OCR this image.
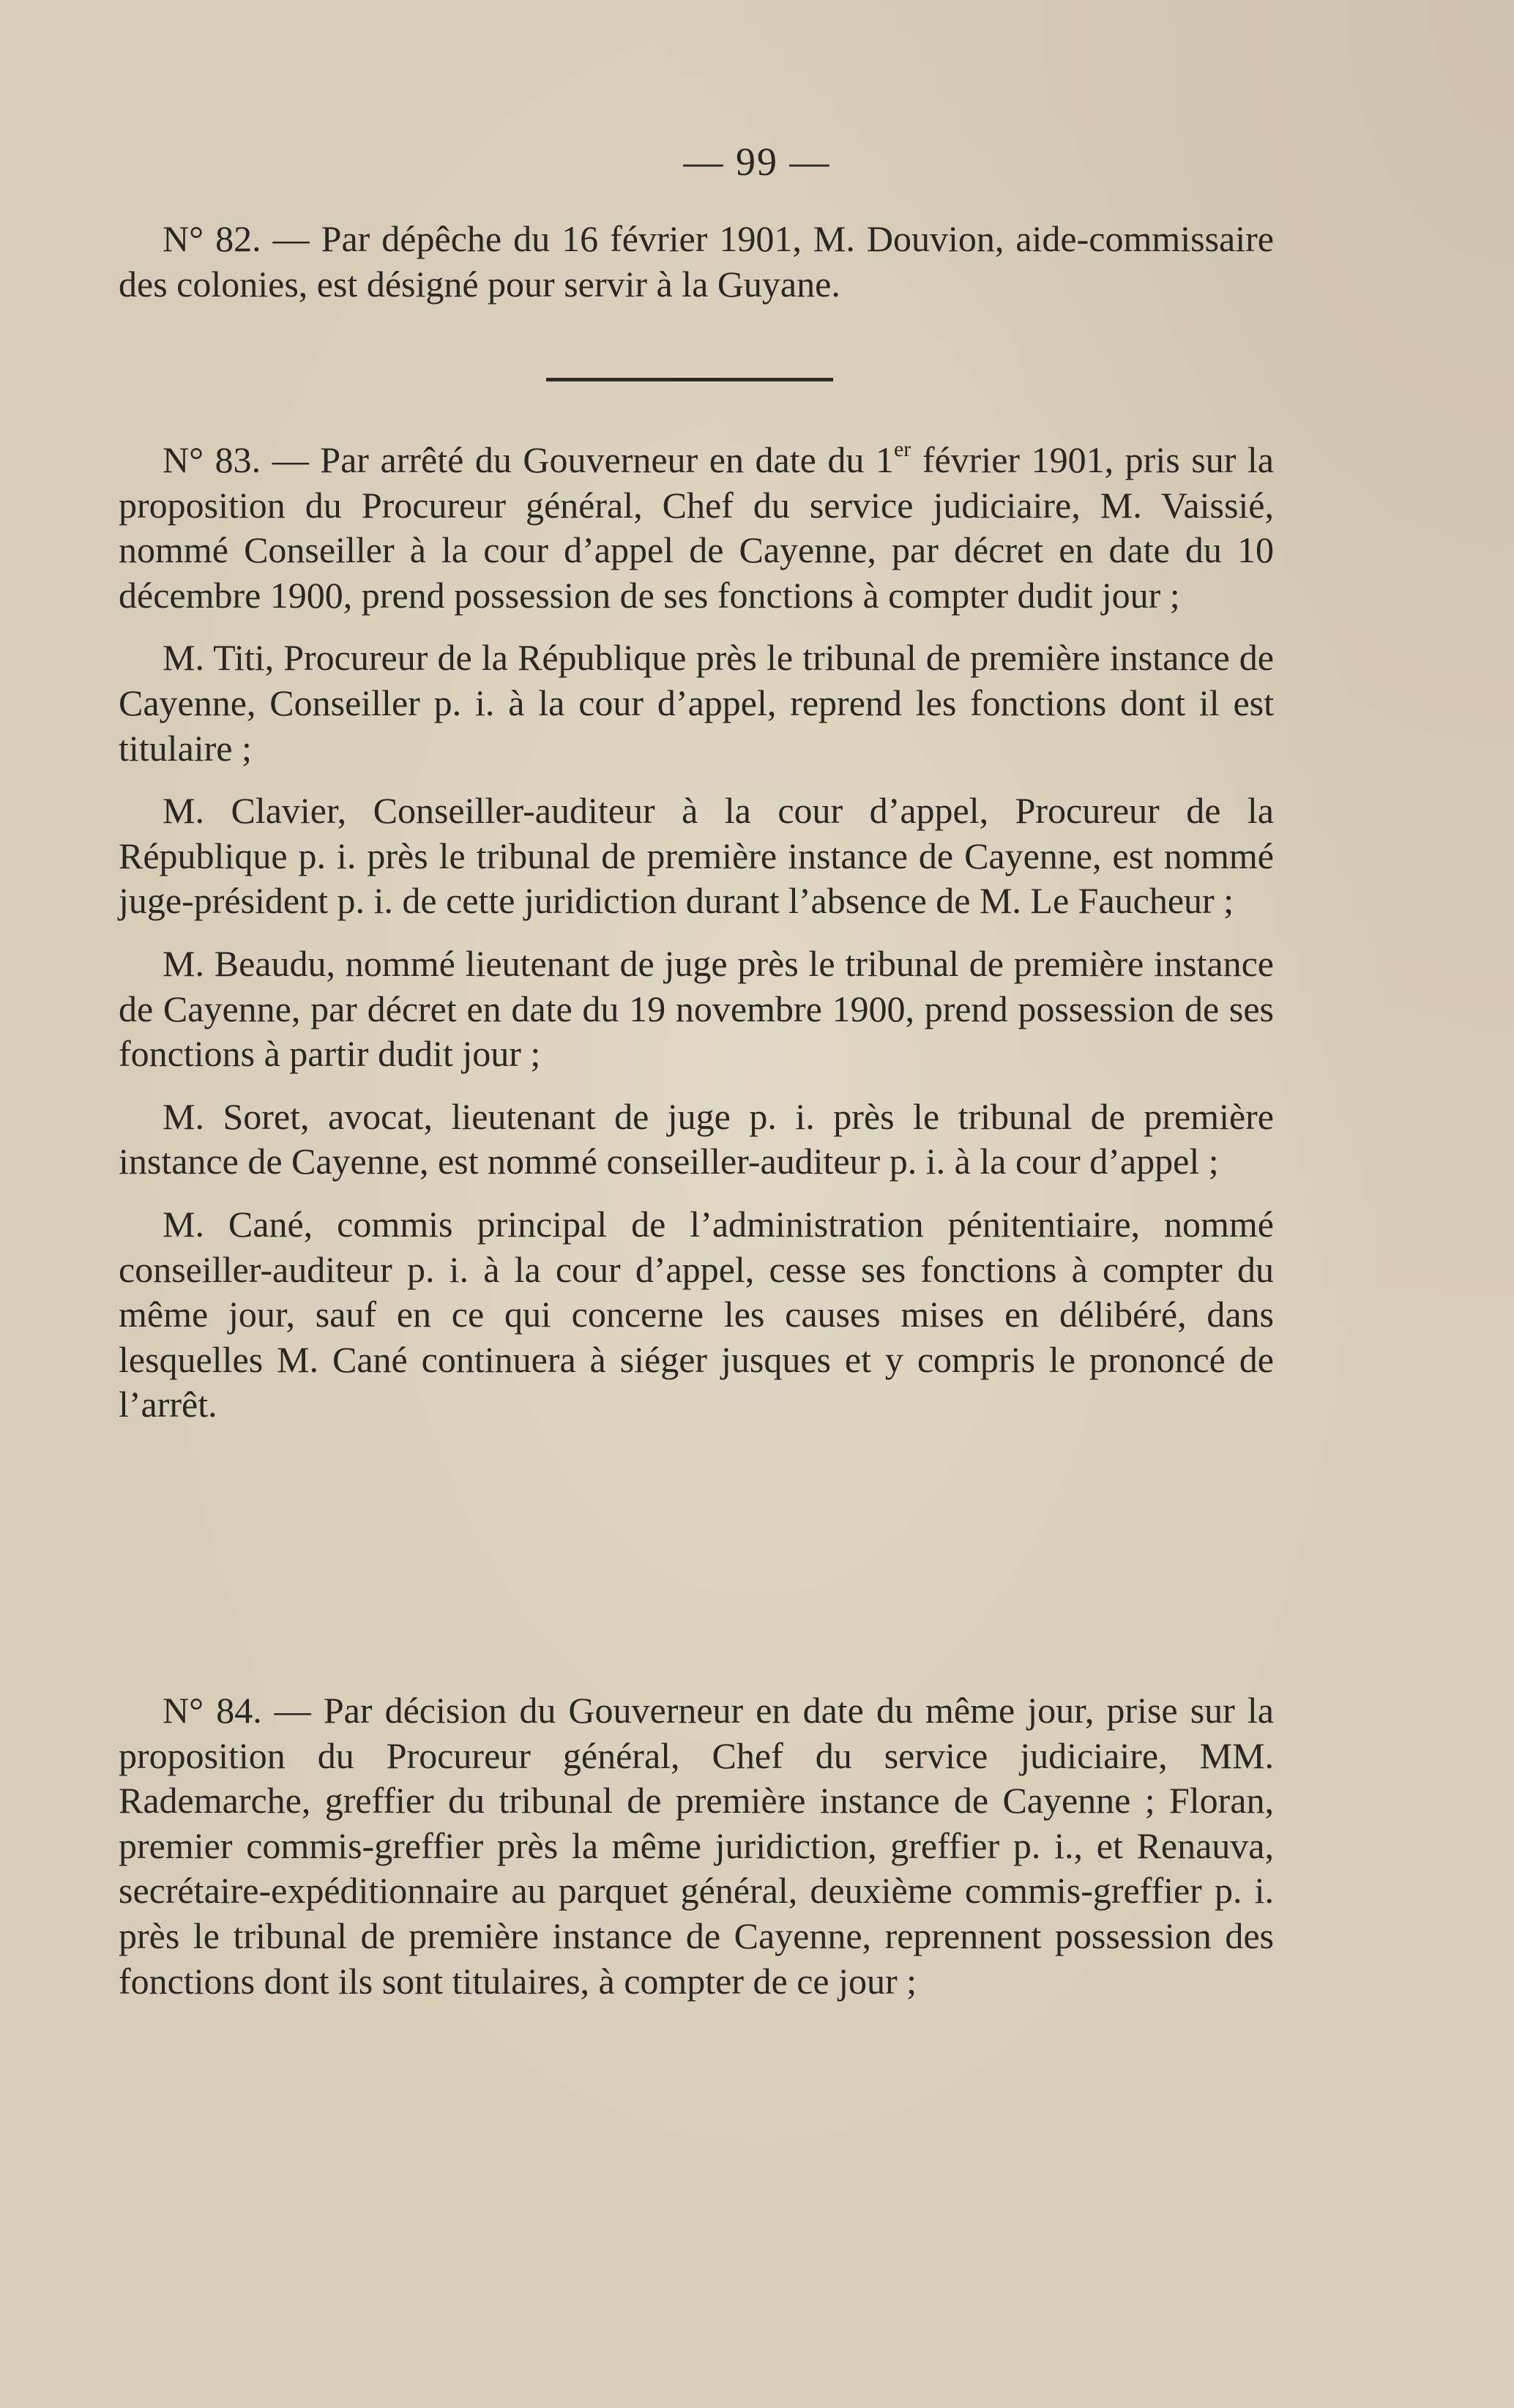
— 99 —

N° 82. — Par dépêche du 16 février 1901, M. Douvion, aide-commissaire des colonies, est désigné pour servir à la Guyane.

N° 83. — Par arrêté du Gouverneur en date du 1er février 1901, pris sur la proposition du Procureur général, Chef du service judiciaire, M. Vaissié, nommé Conseiller à la cour d’appel de Cayenne, par décret en date du 10 décembre 1900, prend possession de ses fonctions à compter dudit jour ;

M. Titi, Procureur de la République près le tribunal de première instance de Cayenne, Conseiller p. i. à la cour d’appel, reprend les fonctions dont il est titulaire ;

M. Clavier, Conseiller-auditeur à la cour d’appel, Procureur de la République p. i. près le tribunal de première instance de Cayenne, est nommé juge-président p. i. de cette juridiction durant l’absence de M. Le Faucheur ;

M. Beaudu, nommé lieutenant de juge près le tribunal de première instance de Cayenne, par décret en date du 19 novembre 1900, prend possession de ses fonctions à partir dudit jour ;

M. Soret, avocat, lieutenant de juge p. i. près le tribunal de première instance de Cayenne, est nommé conseiller-auditeur p. i. à la cour d’appel ;

M. Cané, commis principal de l’administration pénitentiaire, nommé conseiller-auditeur p. i. à la cour d’appel, cesse ses fonctions à compter du même jour, sauf en ce qui concerne les causes mises en délibéré, dans lesquelles M. Cané continuera à siéger jusques et y compris le prononcé de l’arrêt.

N° 84. — Par décision du Gouverneur en date du même jour, prise sur la proposition du Procureur général, Chef du service judiciaire, MM. Rademarche, greffier du tribunal de première instance de Cayenne ; Floran, premier commis-greffier près la même juridiction, greffier p. i., et Renauva, secrétaire-expéditionnaire au parquet général, deuxième commis-greffier p. i. près le tribunal de première instance de Cayenne, reprennent possession des fonctions dont ils sont titulaires, à compter de ce jour ;
